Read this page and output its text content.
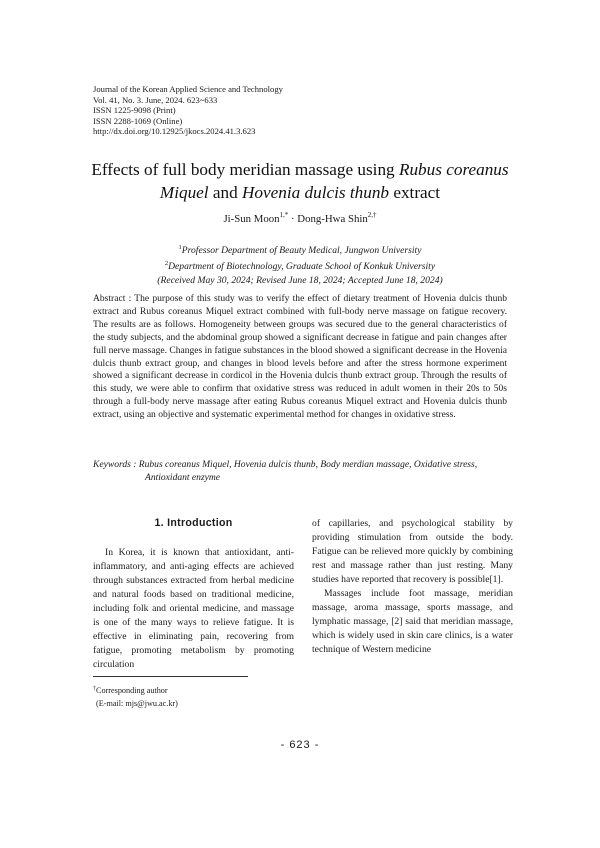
Journal of the Korean Applied Science and Technology
Vol. 41, No. 3. June, 2024. 623~633
ISSN 1225-9098 (Print)
ISSN 2288-1069 (Online)
http://dx.doi.org/10.12925/jkocs.2024.41.3.623
Effects of full body meridian massage using Rubus coreanus
Miquel and Hovenia dulcis thunb extract
Ji-Sun Moon$^{1,*}$ · Dong-Hwa Shin$^{2,\dagger}$
$^1$Professor Department of Beauty Medical, Jungwon University
$^2$Department of Biotechnology, Graduate School of Konkuk University
(Received May 30, 2024; Revised June 18, 2024; Accepted June 18, 2024)
Abstract : The purpose of this study was to verify the effect of dietary treatment of Hovenia dulcis thunb extract and Rubus coreanus Miquel extract combined with full-body nerve massage on fatigue recovery. The results are as follows. Homogeneity between groups was secured due to the general characteristics of the study subjects, and the abdominal group showed a significant decrease in fatigue and pain changes after full nerve massage. Changes in fatigue substances in the blood showed a significant decrease in the Hovenia dulcis thunb extract group, and changes in blood levels before and after the stress hormone experiment showed a significant decrease in cordicol in the Hovenia dulcis thunb extract group. Through the results of this study, we were able to confirm that oxidative stress was reduced in adult women in their 20s to 50s through a full-body nerve massage after eating Rubus coreanus Miquel extract and Hovenia dulcis thunb extract, using an objective and systematic experimental method for changes in oxidative stress.
Keywords : Rubus coreanus Miquel, Hovenia dulcis thunb, Body merdian massage, Oxidative stress,
Antioxidant enzyme
1. Introduction

In Korea, it is known that antioxidant, anti-inflammatory, and anti-aging effects are achieved through substances extracted from herbal medicine and natural foods based on traditional medicine, including folk and oriental medicine, and massage is one of the many ways to relieve fatigue. It is effective in eliminating pain, recovering from fatigue, promoting metabolism by promoting circulation

of capillaries, and psychological stability by providing stimulation from outside the body. Fatigue can be relieved more quickly by combining rest and massage rather than just resting. Many studies have reported that recovery is possible[1].

Massages include foot massage, meridian massage, aroma massage, sports massage, and lymphatic massage, [2] said that meridian massage, which is widely used in skin care clinics, is a water technique of Western medicine

†Corresponding author
(E-mail: mjs@jwu.ac.kr)
- 623 -
